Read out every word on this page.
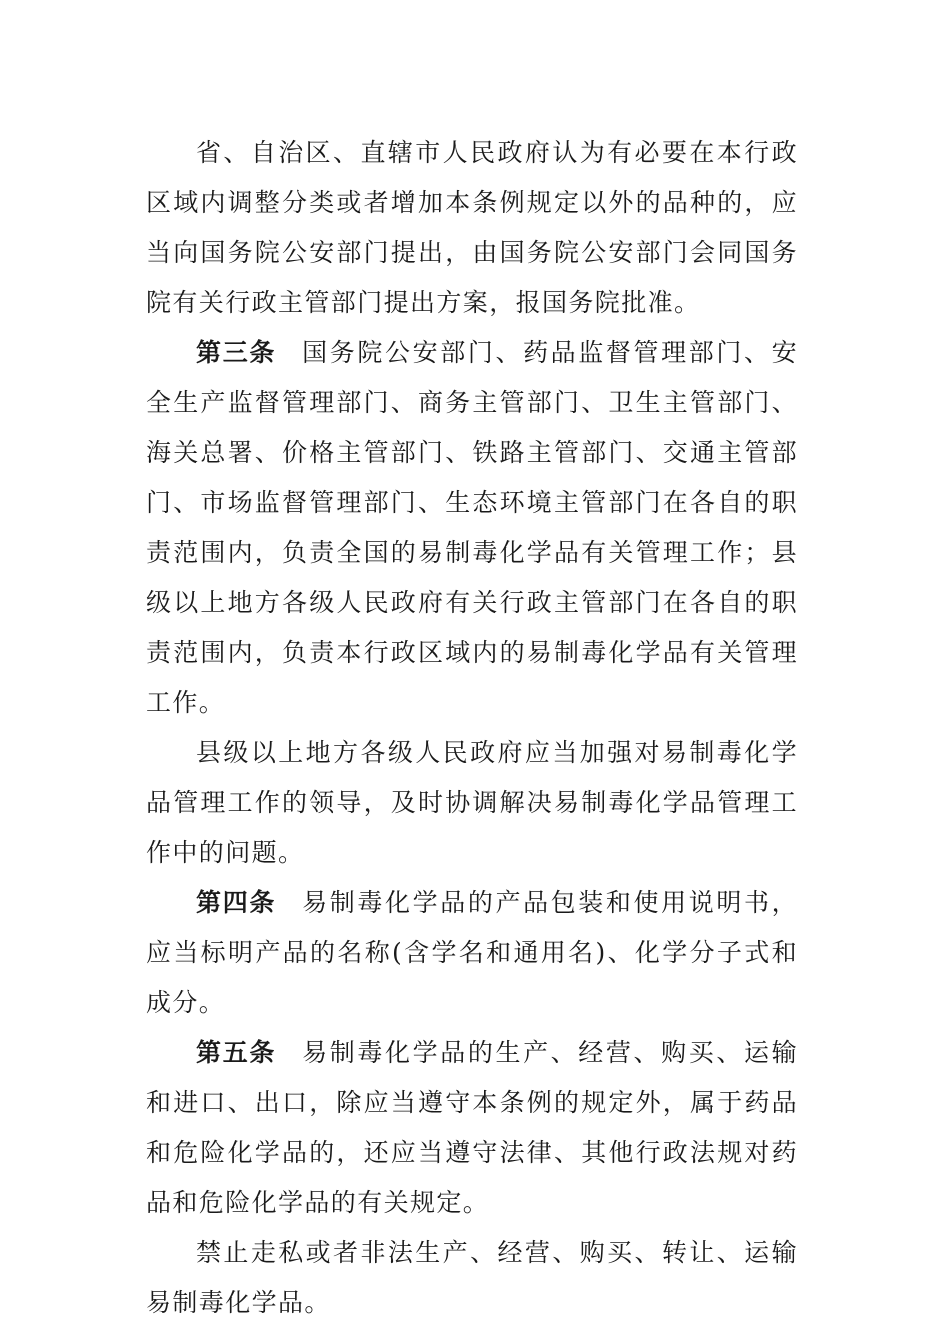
省、自治区、直辖市人民政府认为有必要在本行政区域内调整分类或者增加本条例规定以外的品种的，应当向国务院公安部门提出，由国务院公安部门会同国务院有关行政主管部门提出方案，报国务院批准。

第三条 国务院公安部门、药品监督管理部门、安全生产监督管理部门、商务主管部门、卫生主管部门、海关总署、价格主管部门、铁路主管部门、交通主管部门、市场监督管理部门、生态环境主管部门在各自的职责范围内，负责全国的易制毒化学品有关管理工作；县级以上地方各级人民政府有关行政主管部门在各自的职责范围内，负责本行政区域内的易制毒化学品有关管理工作。

县级以上地方各级人民政府应当加强对易制毒化学品管理工作的领导，及时协调解决易制毒化学品管理工作中的问题。

第四条 易制毒化学品的产品包装和使用说明书，应当标明产品的名称(含学名和通用名)、化学分子式和成分。

第五条 易制毒化学品的生产、经营、购买、运输和进口、出口，除应当遵守本条例的规定外，属于药品和危险化学品的，还应当遵守法律、其他行政法规对药品和危险化学品的有关规定。

禁止走私或者非法生产、经营、购买、转让、运输易制毒化学品。
